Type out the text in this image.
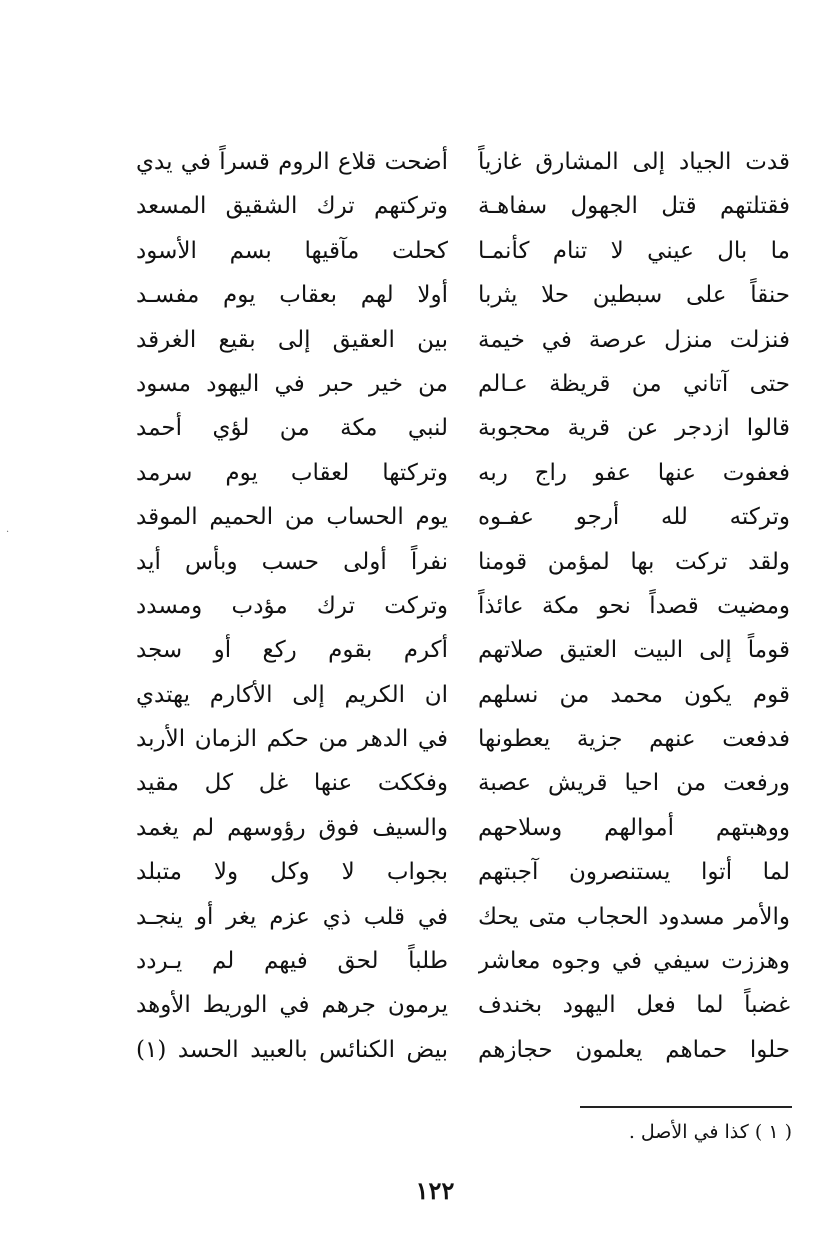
قدت الجياد إلى المشارق غازياً
فقتلتهم قتل الجهول سفاهـة
ما بال عيني لا تنام كأنمـا
حنقاً على سبطين حلا يثربا
فنزلت منزل عرصة في خيمة
حتى آتاني من قريظة عـالم
قالوا ازدجر عن قرية محجوبة
فعفوت عنها عفو راج ربه
وتركته لله أرجو عفـوه
ولقد تركت بها لمؤمن قومنا
ومضيت قصداً نحو مكة عائذاً
قوماً إلى البيت العتيق صلاتهم
قوم يكون محمد من نسلهم
فدفعت عنهم جزية يعطونها
ورفعت من احيا قريش عصبة
ووهبتهم أموالهم وسلاحهم
لما أتوا يستنصرون آجبتهم
والأمر مسدود الحجاب متى يحك
وهززت سيفي في وجوه معاشر
غضباً لما فعل اليهود بخندف
حلوا حماهم يعلمون حجازهم
أضحت قلاع الروم قسراً في يدي
وتركتهم ترك الشقيق المسعد
كحلت مآقيها بسم الأسود
أولا لهم بعقاب يوم مفسـد
بين العقيق إلى بقيع الغرقد
من خير حبر في اليهود مسود
لنبي مكة من لؤي أحمد
وتركتها لعقاب يوم سرمد
يوم الحساب من الحميم الموقد
نفراً أولى حسب وبأس أيد
وتركت ترك مؤدب ومسدد
أكرم بقوم ركع أو سجد
ان الكريم إلى الأكارم يهتدي
في الدهر من حكم الزمان الأربد
وفككت عنها غل كل مقيد
والسيف فوق رؤوسهم لم يغمد
بجواب لا وكل ولا متبلد
في قلب ذي عزم يغر أو ينجـد
طلباً لحق فيهم لم يـردد
يرمون جرهم في الوريط الأوهد
بيض الكنائس بالعبيد الحسد (١)
( ١ ) كذا في الأصل .
١٢٢
·
